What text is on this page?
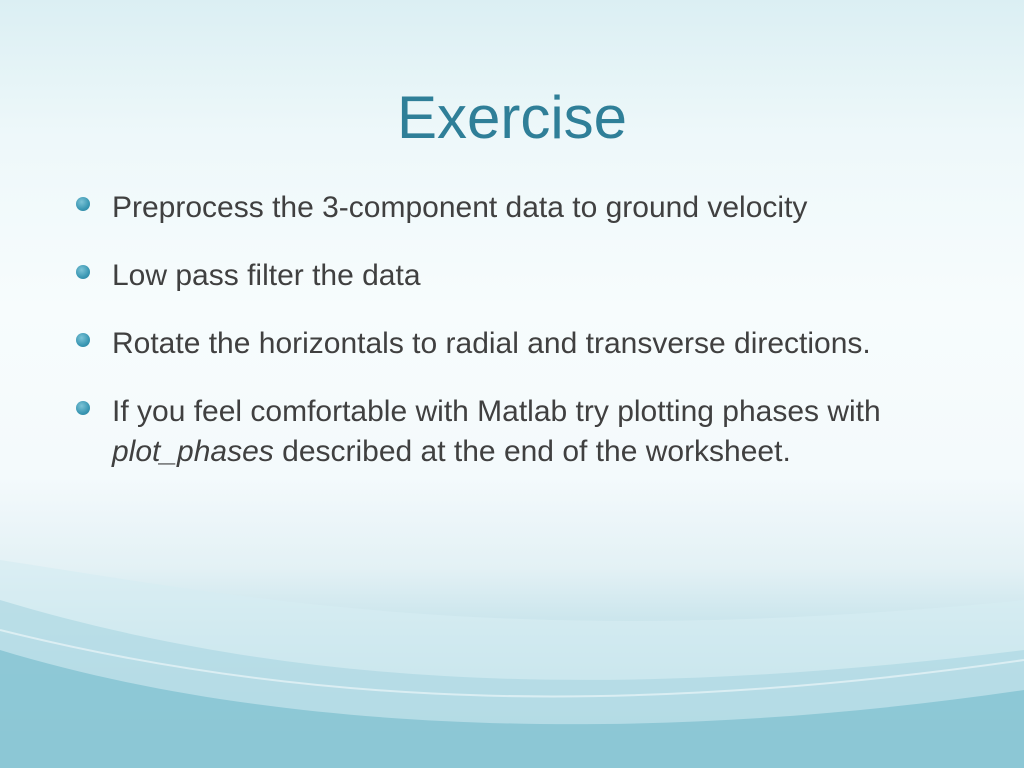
Exercise
Preprocess the 3-component data to ground velocity
Low pass filter the data
Rotate the horizontals to radial and transverse directions.
If you feel comfortable with Matlab try plotting phases with plot_phases described at the end of the worksheet.
